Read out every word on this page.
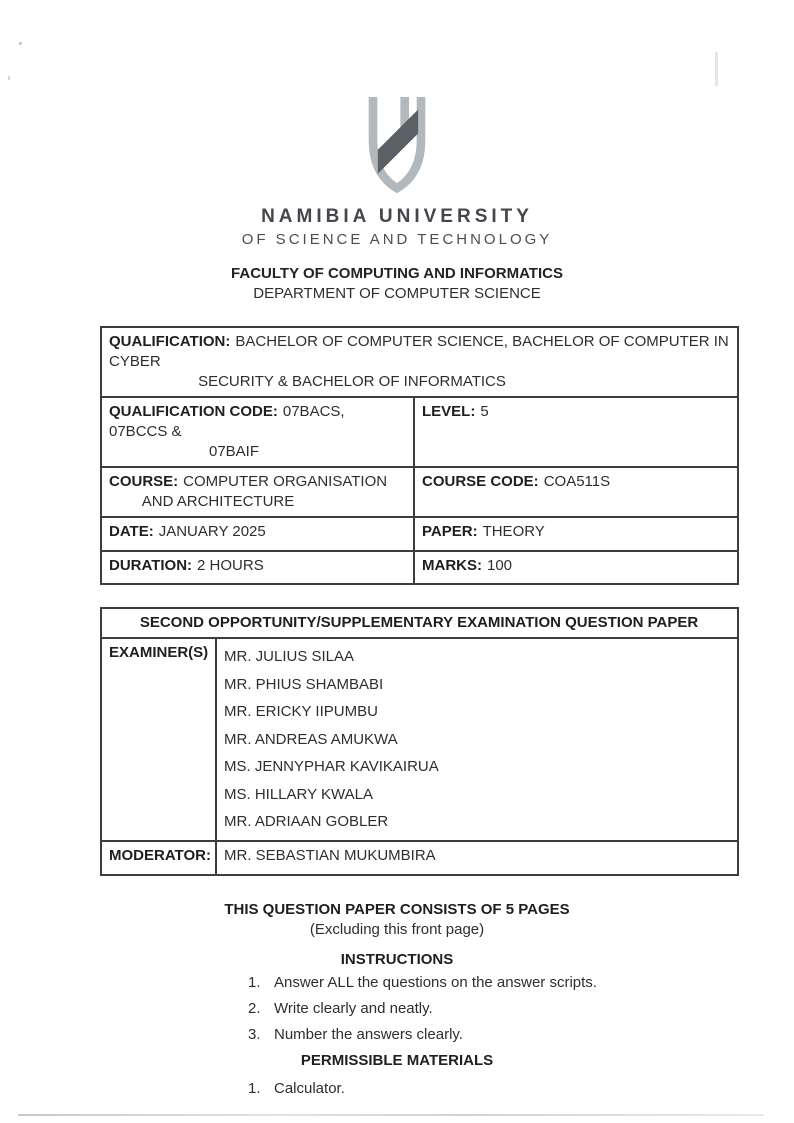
NAMIBIA UNIVERSITY
OF SCIENCE AND TECHNOLOGY
FACULTY OF COMPUTING AND INFORMATICS
DEPARTMENT OF COMPUTER SCIENCE
QUALIFICATION: BACHELOR OF COMPUTER SCIENCE, BACHELOR OF COMPUTER IN CYBER
SECURITY & BACHELOR OF INFORMATICS	

QUALIFICATION CODE: 07BACS, 07BCCS &
07BAIF	LEVEL: 5
COURSE: COMPUTER ORGANISATION
AND ARCHITECTURE	COURSE CODE: COA511S
DATE: JANUARY 2025	PAPER: THEORY
DURATION: 2 HOURS	MARKS: 100
SECOND OPPORTUNITY/SUPPLEMENTARY EXAMINATION QUESTION PAPER	
EXAMINER(S)	MR. JULIUS SILAA
MR. PHIUS SHAMBABI
MR. ERICKY IIPUMBU
MR. ANDREAS AMUKWA
MS. JENNYPHAR KAVIKAIRUA
MS. HILLARY KWALA
MR. ADRIAAN GOBLER

MODERATOR:	MR. SEBASTIAN MUKUMBIRA
THIS QUESTION PAPER CONSISTS OF 5 PAGES
(Excluding this front page)
INSTRUCTIONS
1. Answer ALL the questions on the answer scripts.
2. Write clearly and neatly.
3. Number the answers clearly.
PERMISSIBLE MATERIALS
1. Calculator.
